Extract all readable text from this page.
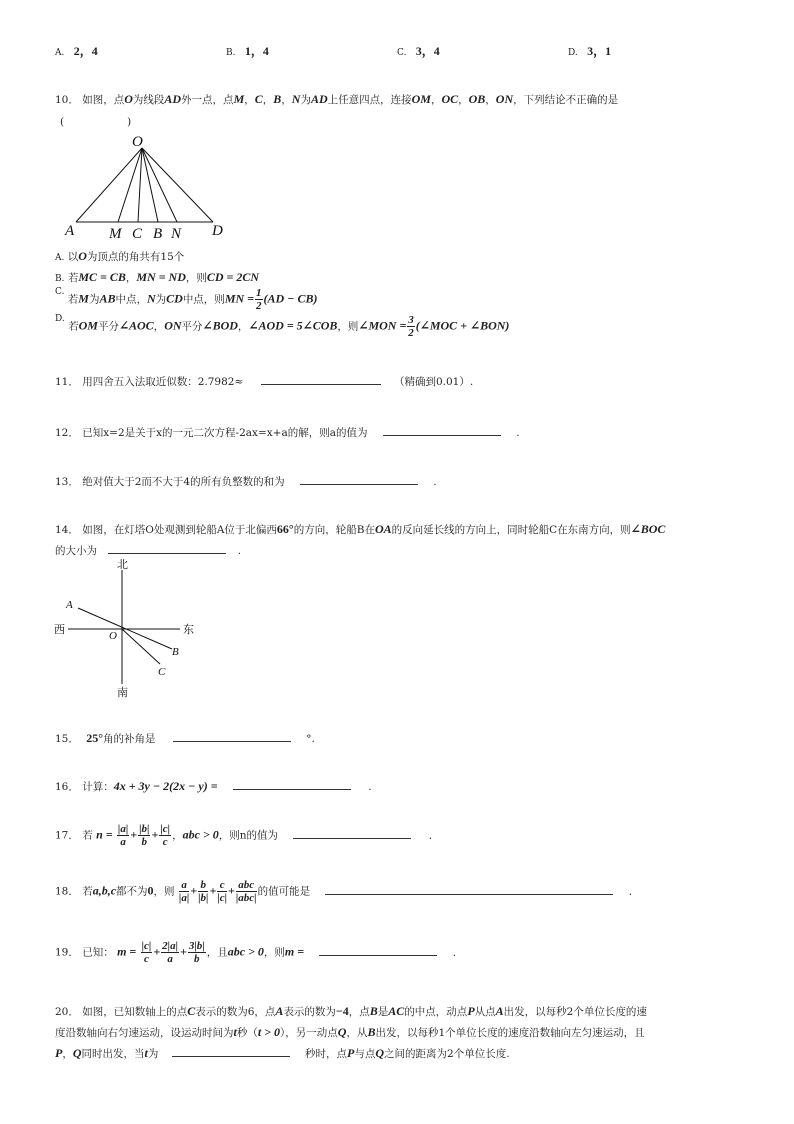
A. 2，4	B. 1，4	C. 3，4	D. 3，1
10． 如图，点O为线段AD外一点，点M，C，B，N为AD上任意四点，连接OM，OC，OB，ON，下列结论不正确的是
(　　　　　　)
O
A M C B N D
A. 以O为顶点的角共有15个
B. 若MC = CB，MN = ND，则CD = 2CN
C. 若M为AB中点，N为CD中点，则MN = $\frac{1}{2} (AD - CB)$
D. 若OM平分∠AOC，ON平分∠BOD，∠AOD = 5∠COB，则∠MON = $\frac{3}{2}$ (∠MOC + ∠BON)
11． 用四舍五入法取近似数：2.7982≈	（精确到0.01）.
12． 已知x=2是关于x的一元二次方程-2ax=x+a的解，则a的值为	.
13． 绝对值大于2而不大于4的所有负整数的和为	.
14． 如图，在灯塔O处观测到轮船A位于北偏西66°的方向，轮船B在OA的反向延长线的方向上，同时轮船C在东南方向，则∠BOC
的大小为	.
北
南
西	东
A
O
B
C
15． 25°角的补角是	°.
16． 计算：4x + 3y − 2(2x − y) =	.
17． 若 $n = \frac{|a|}{a} + \frac{|b|}{b} + \frac{|c|}{c}$ ，abc > 0，则n的值为	.
18． 若a,b,c都不为0，则 $\frac{a}{|a|} + \frac{b}{|b|} + \frac{c}{|c|} + \frac{\text{abc}}{\text{|abc|}}$ 的值可能是	.
19． 已知： $m = \frac{|c|}{c} + \frac{2|a|}{a} + \frac{3|b|}{b}$ ，且abc > 0，则m =	.
20． 如图，已知数轴上的点C表示的数为6，点A表示的数为−4，点B是AC的中点，动点P从点A出发，以每秒2个单位长度的速
度沿数轴向右匀速运动，设运动时间为t秒（t > 0），另一动点Q，从B出发，以每秒1个单位长度的速度沿数轴向左匀速运动，且
P，Q同时出发，当t为	秒时，点P与点Q之间的距离为2个单位长度.
